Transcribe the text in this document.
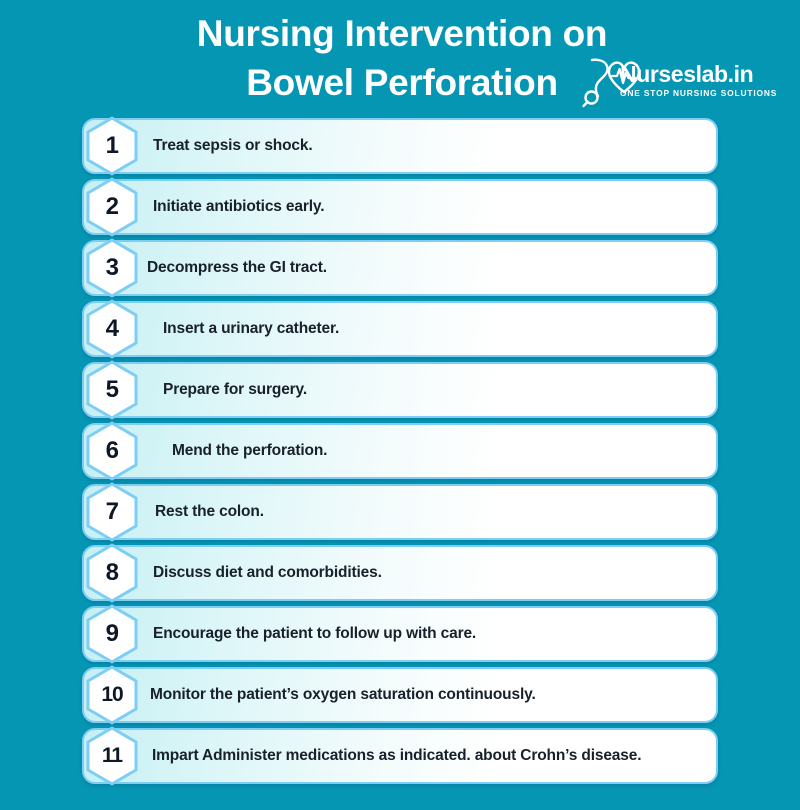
Nursing Intervention on
Bowel Perforation	Nurseslab.in
ONE STOP NURSING SOLUTIONS
1	Treat sepsis or shock.
2	Initiate antibiotics early.
3	Decompress the GI tract.
4	Insert a urinary catheter.
5	Prepare for surgery.
6	Mend the perforation.
7	Rest the colon.
8	Discuss diet and comorbidities.
9	Encourage the patient to follow up with care.
10	Monitor the patient’s oxygen saturation continuously.
11	Impart Administer medications as indicated. about Crohn’s disease.
